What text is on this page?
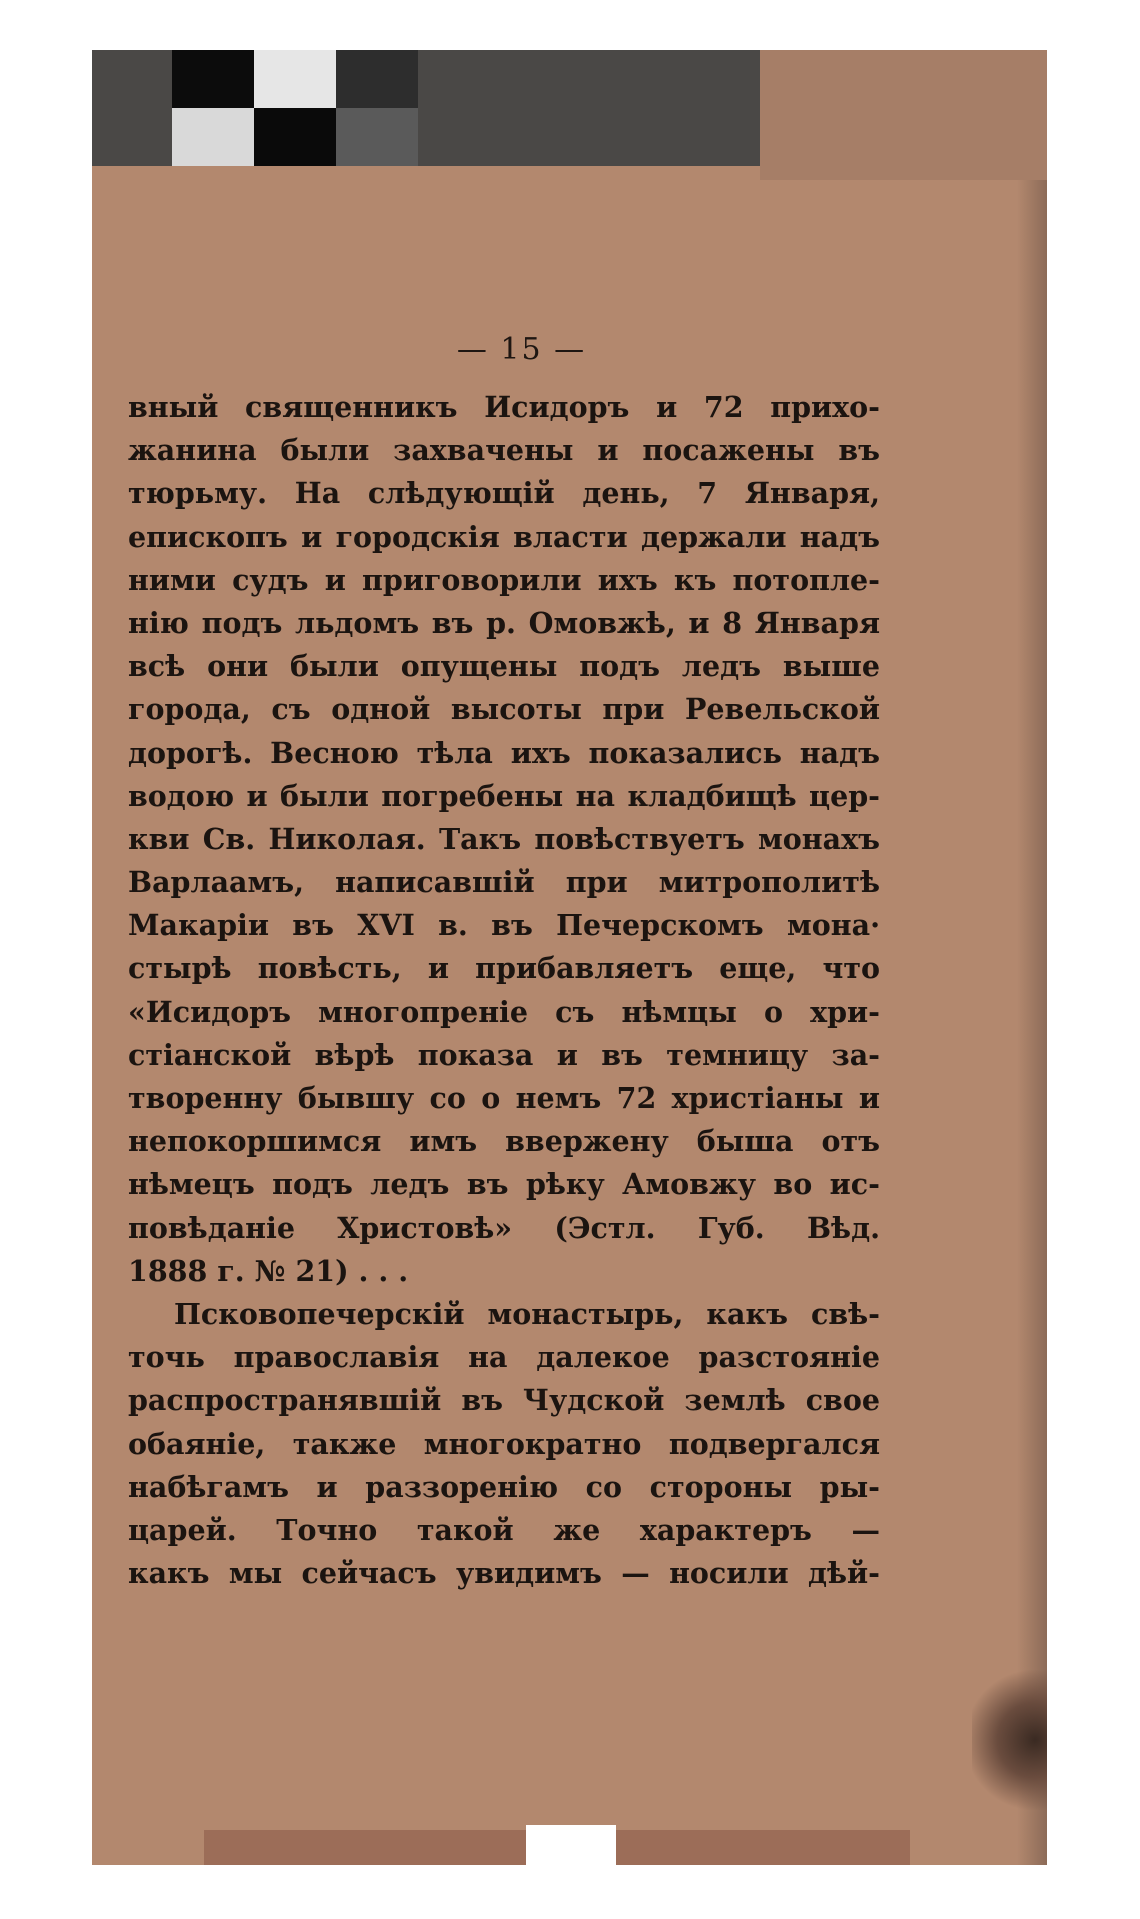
— 15 —
вный священникъ Исидоръ и 72 прихо-
жанина были захвачены и посажены въ
тюрьму. На слѣдующій день, 7 Января,
епископъ и городскія власти держали надъ
ними судъ и приговорили ихъ къ потопле-
нію подъ льдомъ въ р. Омовжѣ, и 8 Января
всѣ они были опущены подъ ледъ выше
города, съ одной высоты при Ревельской
дорогѣ. Весною тѣла ихъ показались надъ
водою и были погребены на кладбищѣ цер-
кви Св. Николая. Такъ повѣствуетъ монахъ
Варлаамъ, написавшій при митрополитѣ
Макаріи въ XVI в. въ Печерскомъ мона·
стырѣ повѣсть, и прибавляетъ еще, что
«Исидоръ многопреніе съ нѣмцы о хри-
стіанской вѣрѣ показа и въ темницу за-
творенну бывшу со о немъ 72 христіаны и
непокоршимся имъ ввержену быша отъ
нѣмецъ подъ ледъ въ рѣку Амовжу во ис-
повѣданіе Христовѣ» (Эстл. Губ. Вѣд.
1888 г. № 21) . . .
Псковопечерскій монастырь, какъ свѣ-
точь православія на далекое разстояніе
распространявшій въ Чудской землѣ свое
обаяніе, также многократно подвергался
набѣгамъ и раззоренію со стороны ры-
царей. Точно такой же характеръ —
какъ мы сейчасъ увидимъ — носили дѣй-
